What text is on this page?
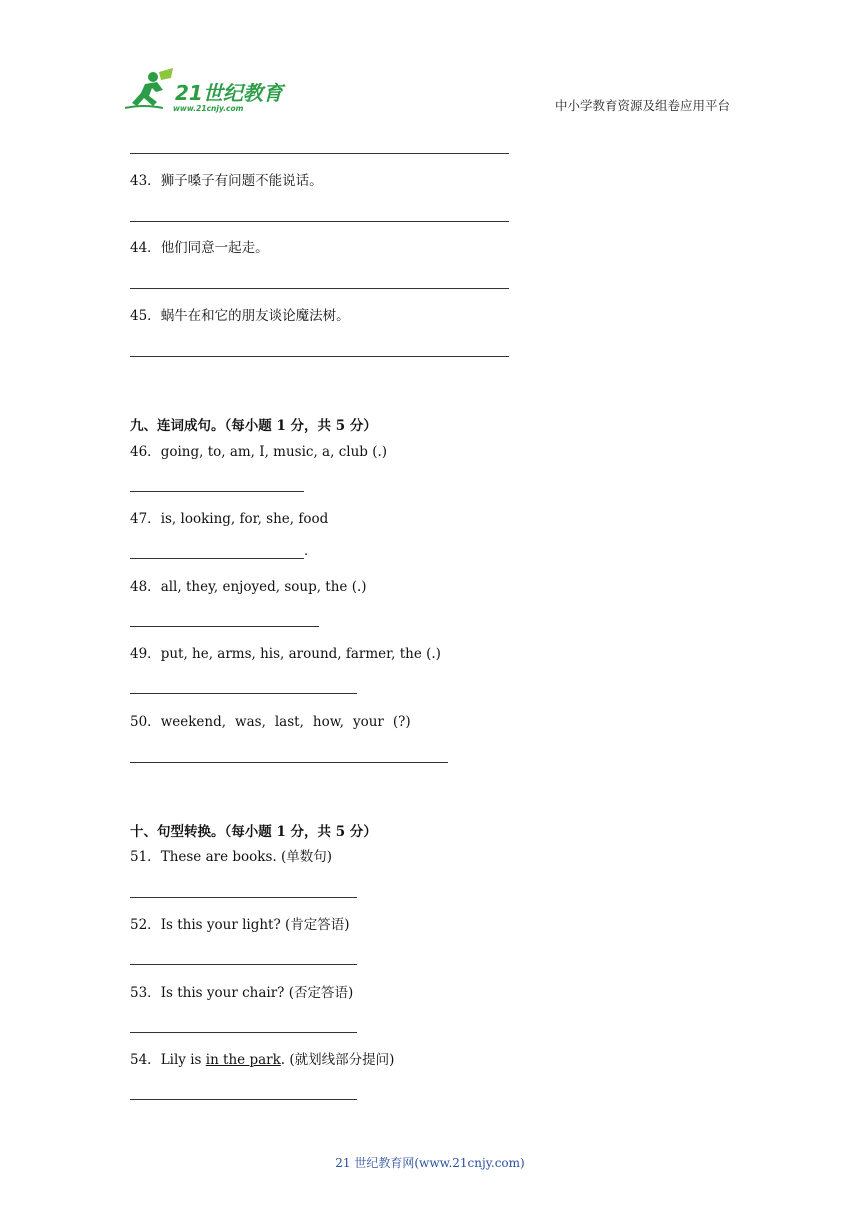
21世纪教育
www.21cnjy.com	中小学教育资源及组卷应用平台
43．狮子嗓子有问题不能说话。
44．他们同意一起走。
45．蜗牛在和它的朋友谈论魔法树。
九、连词成句。（每小题 1 分，共 5 分）
46．going, to, am, I, music, a, club (.)
47．is, looking, for, she, food
.
48．all, they, enjoyed, soup, the (.)
49．put, he, arms, his, around, farmer, the (.)
50． weekend, was, last, how, your (?)
十、句型转换。（每小题 1 分，共 5 分）
51．These are books. (单数句)
52．Is this your light? (肯定答语)
53．Is this your chair? (否定答语)
54．Lily is in the park. (就划线部分提问)
21 世纪教育网(www.21cnjy.com)
